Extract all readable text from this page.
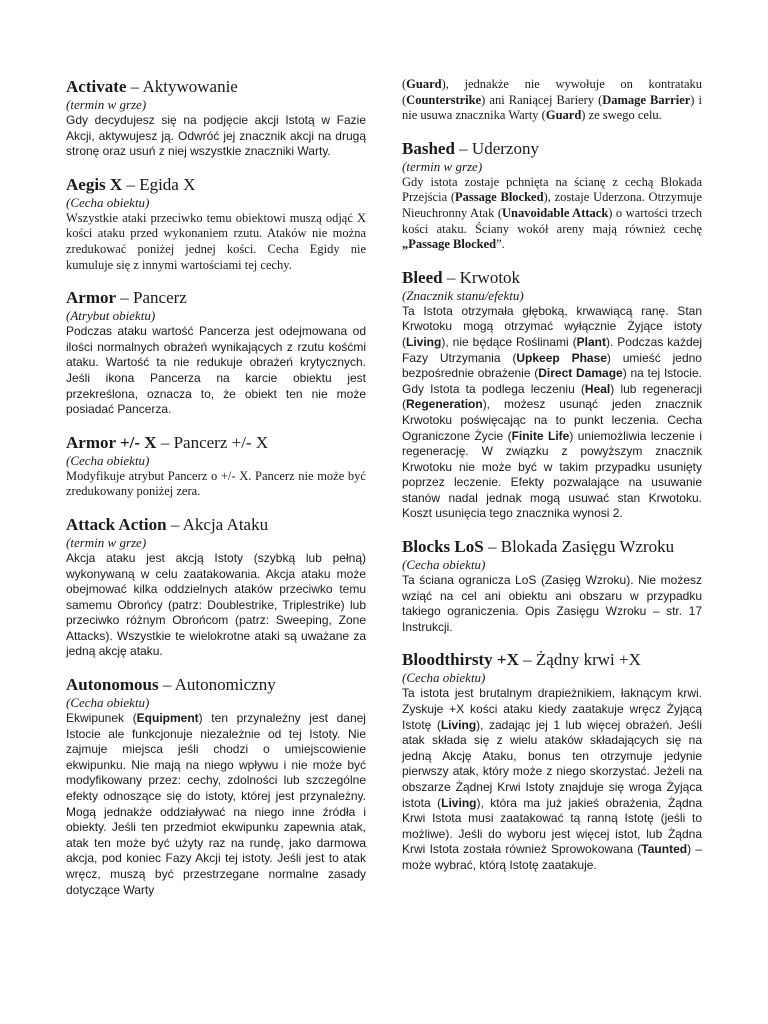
Activate – Aktywowanie

(termin w grze)

Gdy decydujesz się na podjęcie akcji Istotą w Fazie Akcji, aktywujesz ją. Odwróć jej znacznik akcji na drugą stronę oraz usuń z niej wszystkie znaczniki Warty.

Aegis X – Egida X

(Cecha obiektu)

Wszystkie ataki przeciwko temu obiektowi muszą odjąć X kości ataku przed wykonaniem rzutu. Ataków nie można zredukować poniżej jednej kości. Cecha Egidy nie kumuluje się z innymi wartościami tej cechy.

Armor – Pancerz

(Atrybut obiektu)

Podczas ataku wartość Pancerza jest odejmowana od ilości normalnych obrażeń wynikających z rzutu kośćmi ataku. Wartość ta nie redukuje obrażeń krytycznych. Jeśli ikona Pancerza na karcie obiektu jest przekreślona, oznacza to, że obiekt ten nie może posiadać Pancerza.

Armor +/- X – Pancerz +/- X

(Cecha obiektu)

Modyfikuje atrybut Pancerz o +/- X. Pancerz nie może być zredukowany poniżej zera.

Attack Action – Akcja Ataku

(termin w grze)

Akcja ataku jest akcją Istoty (szybką lub pełną) wykonywaną w celu zaatakowania. Akcja ataku może obejmować kilka oddzielnych ataków przeciwko temu samemu Obrońcy (patrz: Doublestrike, Triplestrike) lub przeciwko różnym Obrońcom (patrz: Sweeping, Zone Attacks). Wszystkie te wielokrotne ataki są uważane za jedną akcję ataku.

Autonomous – Autonomiczny

(Cecha obiektu)

Ekwipunek (Equipment) ten przynależny jest danej Istocie ale funkcjonuje niezależnie od tej Istoty. Nie zajmuje miejsca jeśli chodzi o umiejscowienie ekwipunku. Nie mają na niego wpływu i nie może być modyfikowany przez: cechy, zdolności lub szczególne efekty odnoszące się do istoty, której jest przynależny. Mogą jednakże oddziaływać na niego inne źródła i obiekty. Jeśli ten przedmiot ekwipunku zapewnia atak, atak ten może być użyty raz na rundę, jako darmowa akcja, pod koniec Fazy Akcji tej istoty. Jeśli jest to atak wręcz, muszą być przestrzegane normalne zasady dotyczące Warty

(Guard), jednakże nie wywołuje on kontrataku (Counterstrike) ani Raniącej Bariery (Damage Barrier) i nie usuwa znacznika Warty (Guard) ze swego celu.

Bashed – Uderzony

(termin w grze)

Gdy istota zostaje pchnięta na ścianę z cechą Blokada Przejścia (Passage Blocked), zostaje Uderzona. Otrzymuje Nieuchronny Atak (Unavoidable Attack) o wartości trzech kości ataku. Ściany wokół areny mają również cechę „Passage Blocked”.

Bleed – Krwotok

(Znacznik stanu/efektu)

Ta Istota otrzymała głęboką, krwawiącą ranę. Stan Krwotoku mogą otrzymać wyłącznie Żyjące istoty (Living), nie będące Roślinami (Plant). Podczas każdej Fazy Utrzymania (Upkeep Phase) umieść jedno bezpośrednie obrażenie (Direct Damage) na tej Istocie. Gdy Istota ta podlega leczeniu (Heal) lub regeneracji (Regeneration), możesz usunąć jeden znacznik Krwotoku poświęcając na to punkt leczenia. Cecha Ograniczone Życie (Finite Life) uniemożliwia leczenie i regenerację. W związku z powyższym znacznik Krwotoku nie może być w takim przypadku usunięty poprzez leczenie. Efekty pozwalające na usuwanie stanów nadal jednak mogą usuwać stan Krwotoku. Koszt usunięcia tego znacznika wynosi 2.

Blocks LoS – Blokada Zasięgu Wzroku

(Cecha obiektu)

Ta ściana ogranicza LoS (Zasięg Wzroku). Nie możesz wziąć na cel ani obiektu ani obszaru w przypadku takiego ograniczenia. Opis Zasięgu Wzroku – str. 17 Instrukcji.

Bloodthirsty +X – Żądny krwi +X

(Cecha obiektu)

Ta istota jest brutalnym drapieżnikiem, łaknącym krwi. Zyskuje +X kości ataku kiedy zaatakuje wręcz Żyjącą Istotę (Living), zadając jej 1 lub więcej obrażeń. Jeśli atak składa się z wielu ataków składających się na jedną Akcję Ataku, bonus ten otrzymuje jedynie pierwszy atak, który może z niego skorzystać. Jeżeli na obszarze Żądnej Krwi Istoty znajduje się wroga Żyjąca istota (Living), która ma już jakieś obrażenia, Żądna Krwi Istota musi zaatakować tą ranną Istotę (jeśli to możliwe). Jeśli do wyboru jest więcej istot, lub Żądna Krwi Istota została również Sprowokowana (Taunted) – może wybrać, którą Istotę zaatakuje.
